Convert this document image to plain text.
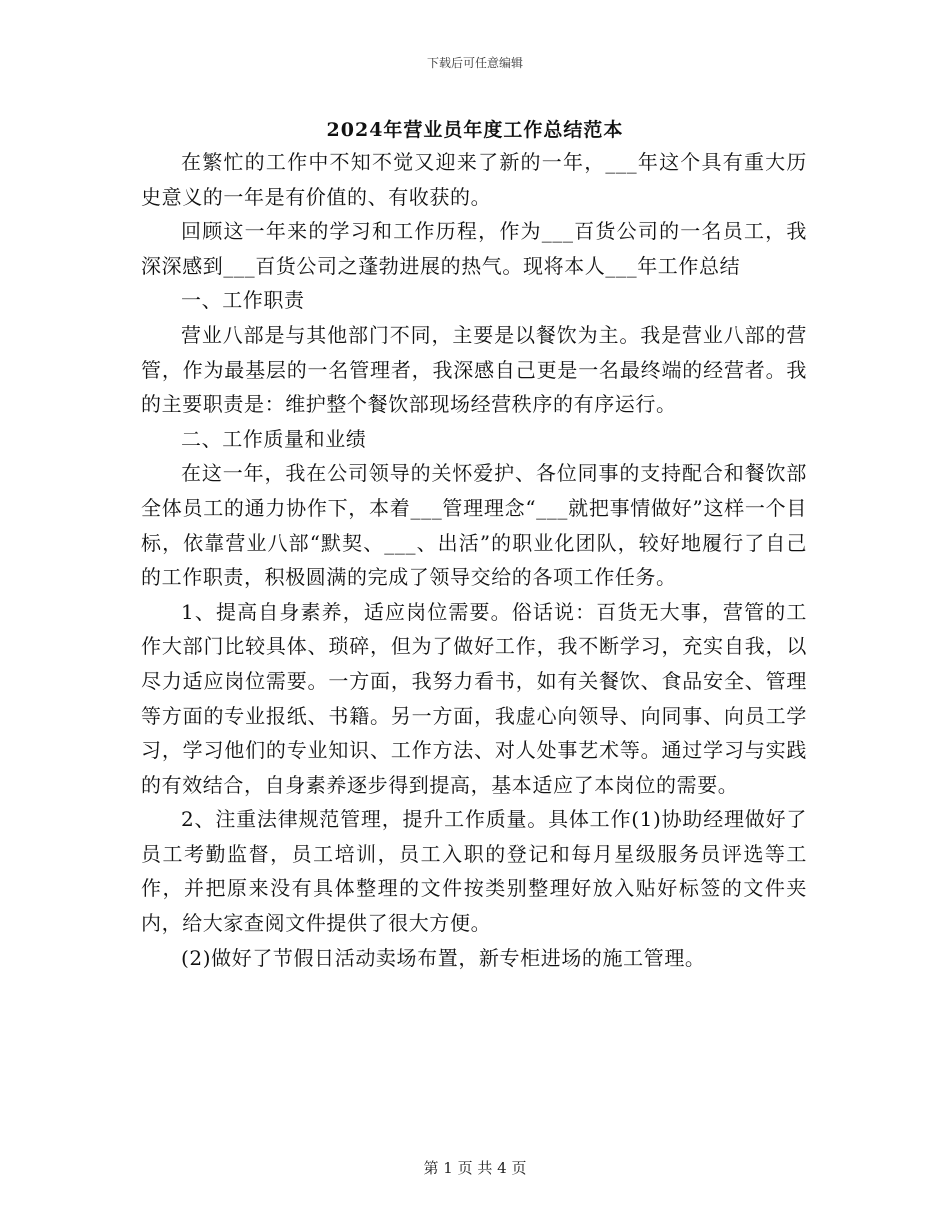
下载后可任意编辑
2024年营业员年度工作总结范本

在繁忙的工作中不知不觉又迎来了新的一年，___年这个具有重大历史意义的一年是有价值的、有收获的。

回顾这一年来的学习和工作历程，作为___百货公司的一名员工，我深深感到___百货公司之蓬勃进展的热气。现将本人___年工作总结

一、工作职责

营业八部是与其他部门不同，主要是以餐饮为主。我是营业八部的营管，作为最基层的一名管理者，我深感自己更是一名最终端的经营者。我的主要职责是：维护整个餐饮部现场经营秩序的有序运行。

二、工作质量和业绩

在这一年，我在公司领导的关怀爱护、各位同事的支持配合和餐饮部全体员工的通力协作下，本着___管理理念“___就把事情做好”这样一个目标，依靠营业八部“默契、___、出活”的职业化团队，较好地履行了自己的工作职责，积极圆满的完成了领导交给的各项工作任务。

1、提高自身素养，适应岗位需要。俗话说：百货无大事，营管的工作大部门比较具体、琐碎，但为了做好工作，我不断学习，充实自我，以尽力适应岗位需要。一方面，我努力看书，如有关餐饮、食品安全、管理等方面的专业报纸、书籍。另一方面，我虚心向领导、向同事、向员工学习，学习他们的专业知识、工作方法、对人处事艺术等。通过学习与实践的有效结合，自身素养逐步得到提高，基本适应了本岗位的需要。

2、注重法律规范管理，提升工作质量。具体工作(1)协助经理做好了员工考勤监督，员工培训，员工入职的登记和每月星级服务员评选等工作，并把原来没有具体整理的文件按类别整理好放入贴好标签的文件夹内，给大家查阅文件提供了很大方便。

(2)做好了节假日活动卖场布置，新专柜进场的施工管理。

第 1 页 共 4 页
